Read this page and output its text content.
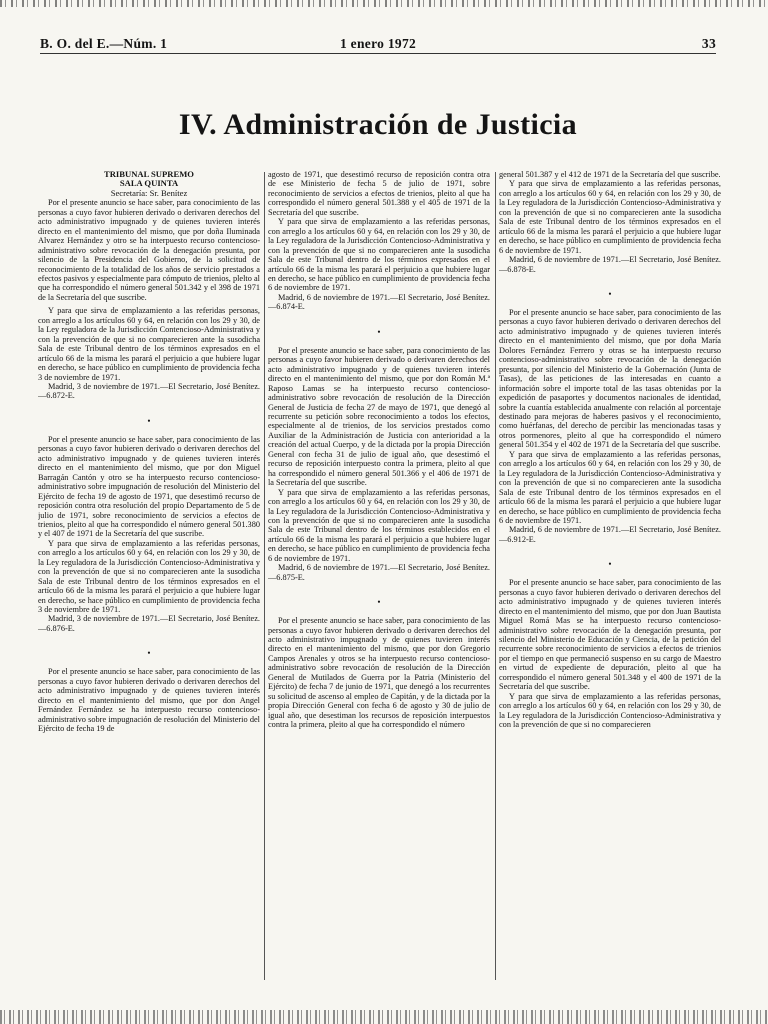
B. O. del E.—Núm. 1	1 enero 1972	33
IV. Administración de Justicia

TRIBUNAL SUPREMO

SALA QUINTA

Secretaría: Sr. Benítez

Por el presente anuncio se hace saber, para conocimiento de las personas a cuyo favor hubieren derivado o derivaren derechos del acto administrativo impugnado y de quienes tuvieren interés directo en el mantenimiento del mismo, que por doña Iluminada Alvarez Hernández y otro se ha interpuesto recurso contencioso-administrativo sobre revocación de la denegación presunta, por silencio de la Presidencia del Gobierno, de la solicitud de reconocimiento de la totalidad de los años de servicio prestados a efectos pasivos y especialmente para cómputo de trienios, plelto al que ha correspondido el número general 501.342 y el 398 de 1971 de la Secretaría del que suscribe.

Y para que sirva de emplazamiento a las referidas personas, con arreglo a los artículos 60 y 64, en relación con los 29 y 30, de la Ley reguladora de la Jurisdicción Contencioso-Administrativa y con la prevención de que si no comparecieren ante la susodicha Sala de este Tribunal dentro de los términos expresados en el artículo 66 de la misma les parará el perjuicio a que hubiere lugar en derecho, se hace público en cumplimiento de providencia fecha 3 de noviembre de 1971.

Madrid, 3 de noviembre de 1971.—El Secretario, José Benítez.—6.872-E.

•

Por el presente anuncio se hace saber, para conocimiento de las personas a cuyo favor hubieren derivado o derivaren derechos del acto administrativo impugnado y de quienes tuvieren interés directo en el mantenimiento del mismo, que por don Miguel Barragán Cantón y otro se ha interpuesto recurso contencioso-administrativo sobre impugnación de resolución del Ministerio del Ejército de fecha 19 de agosto de 1971, que desestimó recurso de reposición contra otra resolución del propio Departamento de 5 de julio de 1971, sobre reconocimiento de servicios a efectos de trienios, pleito al que ha correspondido el número general 501.380 y el 407 de 1971 de la Secretaría del que suscribe.

Y para que sirva de emplazamiento a las referidas personas, con arreglo a los artículos 60 y 64, en relación con los 29 y 30, de la Ley reguladora de la Jurisdicción Contencioso-Administrativa y con la prevención de que si no comparecieren ante la susodicha Sala de este Tribunal dentro de los términos expresados en el artículo 66 de la misma les parará el perjuicio a que hubiere lugar en derecho, se hace público en cumplimiento de providencia fecha 3 de noviembre de 1971.

Madrid, 3 de noviembre de 1971.—El Secretario, José Benítez.—6.876-E.

•

Por el presente anuncio se hace saber, para conocimiento de las personas a cuyo favor hubieren derivado o derivaren derechos del acto administrativo impugnado y de quienes tuvieren interés directo en el mantenimiento del mismo, que por don Angel Fernández Fernández se ha interpuesto recurso contencioso-administrativo sobre impugnación de resolución del Ministerio del Ejército de fecha 19 de

agosto de 1971, que desestimó recurso de reposición contra otra de ese Ministerio de fecha 5 de julio de 1971, sobre reconocimiento de servicios a efectos de trienios, pleito al que ha correspondido el número general 501.388 y el 405 de 1971 de la Secretaría del que suscribe.

Y para que sirva de emplazamiento a las referidas personas, con arreglo a los artículos 60 y 64, en relación con los 29 y 30, de la Ley reguladora de la Jurisdicción Contencioso-Administrativa y con la prevención de que si no comparecieren ante la susodicha Sala de este Tribunal dentro de los términos expresados en el artículo 66 de la misma les parará el perjuicio a que hubiere lugar en derecho, se hace público en cumplimiento de providencia fecha 6 de noviembre de 1971.

Madrid, 6 de noviembre de 1971.—El Secretario, José Benítez.—6.874-E.

•

Por el presente anuncio se hace saber, para conocimiento de las personas a cuyo favor hubieren derivado o derivaren derechos del acto administrativo impugnado y de quienes tuvieren interés directo en el mantenimiento del mismo, que por don Román M.ª Raposo Lamas se ha interpuesto recurso contencioso-administrativo sobre revocación de resolución de la Dirección General de Justicia de fecha 27 de mayo de 1971, que denegó al recurrente su petición sobre reconocimiento a todos los efectos, especialmente al de trienios, de los servicios prestados como Auxiliar de la Administración de Justicia con anterioridad a la creación del actual Cuerpo, y de la dictada por la propia Dirección General con fecha 31 de julio de igual año, que desestimó el recurso de reposición interpuesto contra la primera, pleito al que ha correspondido el número general 501.366 y el 406 de 1971 de la Secretaría del que suscribe.

Y para que sirva de emplazamiento a las referidas personas, con arreglo a los artículos 60 y 64, en relación con los 29 y 30, de la Ley reguladora de la Jurisdicción Contencioso-Administrativa y con la prevención de que si no comparecieren ante la susodicha Sala de este Tribunal dentro de los términos establecidos en el artículo 66 de la misma les parará el perjuicio a que hubiere lugar en derecho, se hace público en cumplimiento de providencia fecha 6 de noviembre de 1971.

Madrid, 6 de noviembre de 1971.—El Secretario, José Benítez.—6.875-E.

•

Por el presente anuncio se hace saber, para conocimiento de las personas a cuyo favor hubieren derivado o derivaren derechos del acto administrativo impugnado y de quienes tuvieren interés directo en el mantenimiento del mismo, que por don Gregorio Campos Arenales y otros se ha interpuesto recurso contencioso-administrativo sobre revocación de resolución de la Dirección General de Mutilados de Guerra por la Patria (Ministerio del Ejército) de fecha 7 de junio de 1971, que denegó a los recurrentes su solicitud de ascenso al empleo de Capitán, y de la dictada por la propia Dirección General con fecha 6 de agosto y 30 de julio de igual año, que desestiman los recursos de reposición interpuestos contra la primera, pleito al que ha correspondido el número

general 501.387 y el 412 de 1971 de la Secretaría del que suscribe.

Y para que sirva de emplazamiento a las referidas personas, con arreglo a los artículos 60 y 64, en relación con los 29 y 30, de la Ley reguladora de la Jurisdicción Contencioso-Administrativa y con la prevención de que si no comparecieren ante la susodicha Sala de este Tribunal dentro de los términos expresados en el artículo 66 de la misma les parará el perjuicio a que hubiere lugar en derecho, se hace público en cumplimiento de providencia fecha 6 de noviembre de 1971.

Madrid, 6 de noviembre de 1971.—El Secretario, José Benítez.—6.878-E.

•

Por el presente anuncio se hace saber, para conocimiento de las personas a cuyo favor hubieren derivado o derivaren derechos del acto administrativo impugnado y de quienes tuvieren interés directo en el mantenimiento del mismo, que por doña María Dolores Fernández Ferrero y otras se ha interpuesto recurso contencioso-administrativo sobre revocación de la denegación presunta, por silencio del Ministerio de la Gobernación (Junta de Tasas), de las peticiones de las interesadas en cuanto a información sobre el importe total de las tasas obtenidas por la expedición de pasaportes y documentos nacionales de identidad, sobre la cuantía establecida anualmente con relación al porcentaje destinado para mejoras de haberes pasivos y el reconocimiento, como huérfanas, del derecho de percibir las mencionadas tasas y otros pormenores, pleito al que ha correspondido el número general 501.354 y el 402 de 1971 de la Secretaría del que suscribe.

Y para que sirva de emplazamiento a las referidas personas, con arreglo a los artículos 60 y 64, en relación con los 29 y 30, de la Ley reguladora de la Jurisdicción Contencioso-Administrativa y con la prevención de que si no comparecieren ante la susodicha Sala de este Tribunal dentro de los términos expresados en el artículo 66 de la misma les parará el perjuicio a que hubiere lugar en derecho, se hace público en cumplimiento de providencia fecha 6 de noviembre de 1971.

Madrid, 6 de noviembre de 1971.—El Secretario, José Benítez.—6.912-E.

•

Por el presente anuncio se hace saber, para conocimiento de las personas a cuyo favor hubieren derivado o derivaren derechos del acto administrativo impugnado y de quienes tuvieren interés directo en el mantenimiento del mismo, que por don Juan Bautista Miguel Romá Mas se ha interpuesto recurso contencioso-administrativo sobre revocación de la denegación presunta, por silencio del Ministerio de Educación y Ciencia, de la petición del recurrente sobre reconocimiento de servicios a efectos de trienios por el tiempo en que permaneció suspenso en su cargo de Maestro en virtud de expediente de depuración, pleito al que ha correspondido el número general 501.348 y el 400 de 1971 de la Secretaría del que suscribe.

Y para que sirva de emplazamiento a las referidas personas, con arreglo a los artículos 60 y 64, en relación con los 29 y 30, de la Ley reguladora de la Jurisdicción Contencioso-Administrativa y con la prevención de que si no comparecieren
